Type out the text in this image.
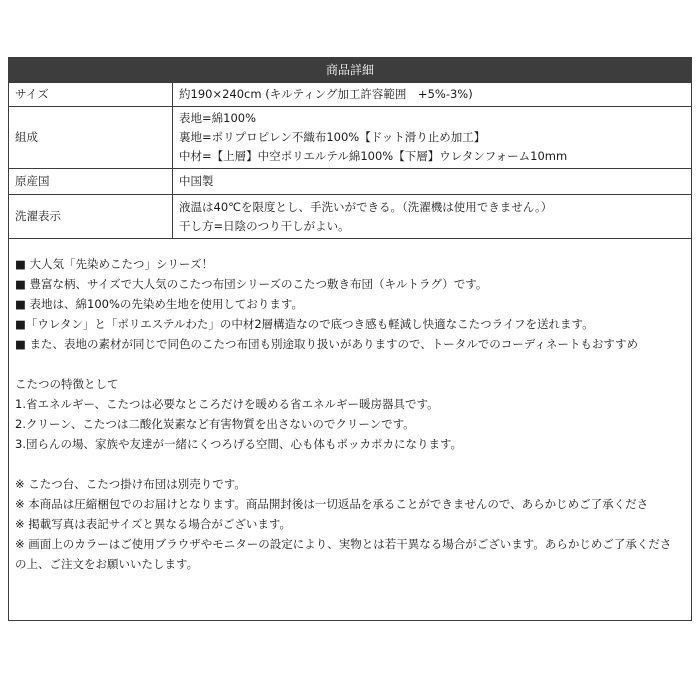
商品詳細
サイズ	約190×240cm (キルティング加工許容範囲　+5%-3%)

組成	表地=綿100%
裏地=ポリプロピレン不織布100%【ドット滑り止め加工】
中材=【上層】中空ポリエルテル綿100%【下層】ウレタンフォーム10mm

原産国	中国製

洗濯表示	液温は40℃を限度とし、手洗いができる。（洗濯機は使用できません。）
干し方=日陰のつり干しがよい。
■ 大人気「先染めこたつ」シリーズ！
■ 豊富な柄、サイズで大人気のこたつ布団シリーズのこたつ敷き布団（キルトラグ）です。
■ 表地は、綿100%の先染め生地を使用しております。
■「ウレタン」と「ポリエステルわた」の中材2層構造なので底つき感も軽減し快適なこたつライフを送れます。
■ また、表地の素材が同じで同色のこたつ布団も別途取り扱いがありますので、トータルでのコーディネートもおすすめ
こたつの特徴として
1.省エネルギー、こたつは必要なところだけを暖める省エネルギー暖房器具です。
2.クリーン、こたつは二酸化炭素など有害物質を出さないのでクリーンです。
3.団らんの場、家族や友達が一緒にくつろげる空間、心も体もポッカポカになります。
※ こたつ台、こたつ掛け布団は別売りです。
※ 本商品は圧縮梱包でのお届けとなります。商品開封後は一切返品を承ることができませんので、あらかじめご了承くださ
※ 掲載写真は表記サイズと異なる場合がございます。
※ 画面上のカラーはご使用ブラウザやモニターの設定により、実物とは若干異なる場合がございます。あらかじめご了承くださ
の上、ご注文をお願いいたします。
